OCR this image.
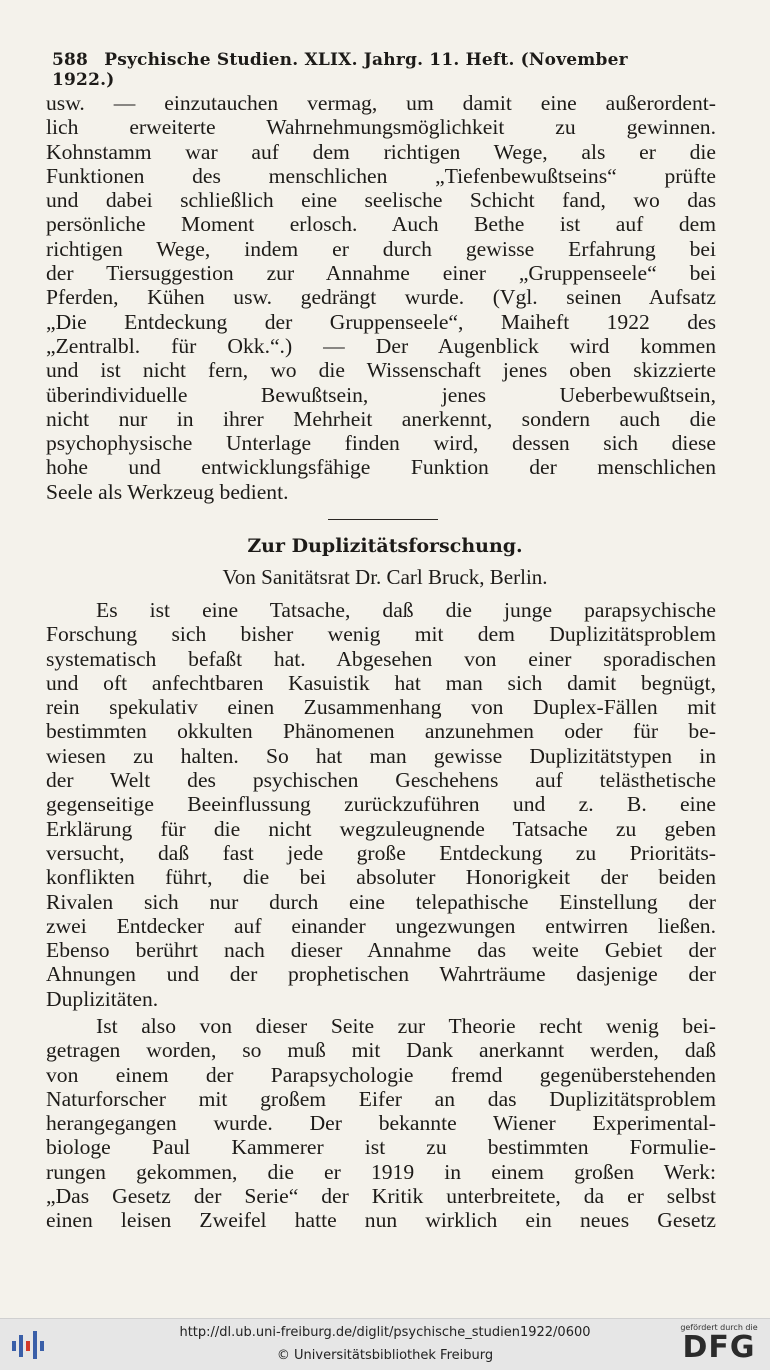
588 Psychische Studien. XLIX. Jahrg. 11. Heft. (November 1922.)
usw. — einzutauchen vermag, um damit eine außerordent-
lich erweiterte Wahrnehmungsmöglichkeit zu gewinnen.
Kohnstamm war auf dem richtigen Wege, als er die
Funktionen des menschlichen „Tiefenbewußtseins“ prüfte
und dabei schließlich eine seelische Schicht fand, wo das
persönliche Moment erlosch. Auch Bethe ist auf dem
richtigen Wege, indem er durch gewisse Erfahrung bei
der Tiersuggestion zur Annahme einer „Gruppenseele“ bei
Pferden, Kühen usw. gedrängt wurde. (Vgl. seinen Aufsatz
„Die Entdeckung der Gruppenseele“, Maiheft 1922 des
„Zentralbl. für Okk.“.) — Der Augenblick wird kommen
und ist nicht fern, wo die Wissenschaft jenes oben skizzierte
überindividuelle Bewußtsein, jenes Ueberbewußtsein,
nicht nur in ihrer Mehrheit anerkennt, sondern auch die
psychophysische Unterlage finden wird, dessen sich diese
hohe und entwicklungsfähige Funktion der menschlichen
Seele als Werkzeug bedient.
Zur Duplizitätsforschung.
Von Sanitätsrat Dr. Carl Bruck, Berlin.
Es ist eine Tatsache, daß die junge parapsychische
Forschung sich bisher wenig mit dem Duplizitätsproblem
systematisch befaßt hat. Abgesehen von einer sporadischen
und oft anfechtbaren Kasuistik hat man sich damit begnügt,
rein spekulativ einen Zusammenhang von Duplex-Fällen mit
bestimmten okkulten Phänomenen anzunehmen oder für be-
wiesen zu halten. So hat man gewisse Duplizitätstypen in
der Welt des psychischen Geschehens auf telästhetische
gegenseitige Beeinflussung zurückzuführen und z. B. eine
Erklärung für die nicht wegzuleugnende Tatsache zu geben
versucht, daß fast jede große Entdeckung zu Prioritäts-
konflikten führt, die bei absoluter Honorigkeit der beiden
Rivalen sich nur durch eine telepathische Einstellung der
zwei Entdecker auf einander ungezwungen entwirren ließen.
Ebenso berührt nach dieser Annahme das weite Gebiet der
Ahnungen und der prophetischen Wahrträume dasjenige der
Duplizitäten.
Ist also von dieser Seite zur Theorie recht wenig bei-
getragen worden, so muß mit Dank anerkannt werden, daß
von einem der Parapsychologie fremd gegenüberstehenden
Naturforscher mit großem Eifer an das Duplizitätsproblem
herangegangen wurde. Der bekannte Wiener Experimental-
biologe Paul Kammerer ist zu bestimmten Formulie-
rungen gekommen, die er 1919 in einem großen Werk:
„Das Gesetz der Serie“ der Kritik unterbreitete, da er selbst
einen leisen Zweifel hatte nun wirklich ein neues Gesetz
http://dl.ub.uni-freiburg.de/diglit/psychische_studien1922/0600
© Universitätsbibliothek Freiburg
gefördert durch die
DFG
